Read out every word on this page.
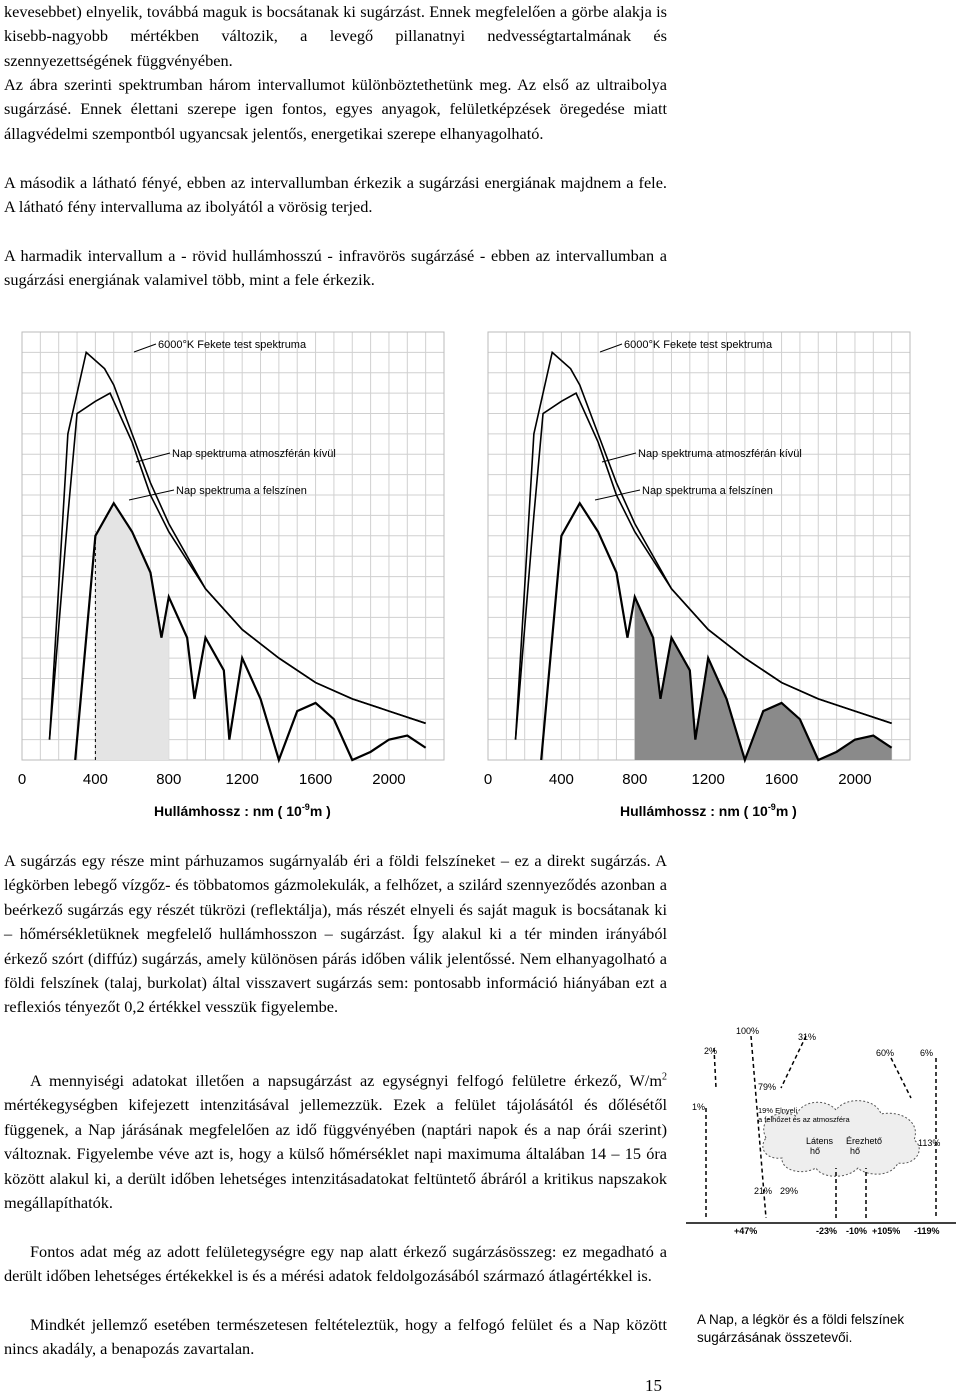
kevesebbet) elnyelik, továbbá maguk is bocsátanak ki sugárzást. Ennek megfelelően a görbe alakja is kisebb-nagyobb mértékben változik, a levegő pillanatnyi nedvességtartalmának és szennyezettségének függvényében.

Az ábra szerinti spektrumban három intervallumot különböztethetünk meg. Az első az ultraibolya sugárzásé. Ennek élettani szerepe igen fontos, egyes anyagok, felületképzések öregedése miatt állagvédelmi szempontból ugyancsak jelentős, energetikai szerepe elhanyagolható.

A második a látható fényé, ebben az intervallumban érkezik a sugárzási energiának majdnem a fele. A látható fény intervalluma az ibolyától a vörösig terjed.

A harmadik intervallum a - rövid hullámhosszú - infravörös sugárzásé - ebben az intervallumban a sugárzási energiának valamivel több, mint a fele érkezik.

6000°K Fekete test spektruma
Nap spektruma atmoszférán kívül
Nap spektruma a felszínen
0	400	800	1200	1600	2000
Hullámhossz : nm ( $10^{-9}m$ )
6000°K Fekete test spektruma
Nap spektruma atmoszférán kívül
Nap spektruma a felszínen
0	400	800	1200	1600	2000
Hullámhossz : nm ( $10^{-9}m$ )

A sugárzás egy része mint párhuzamos sugárnyaláb éri a földi felszíneket – ez a direkt sugárzás. A légkörben lebegő vízgőz- és többatomos gázmolekulák, a felhőzet, a szilárd szennyeződés azonban a beérkező sugárzás egy részét tükrözi (reflektálja), más részét elnyeli és saját maguk is bocsátanak ki – hőmérsékletüknek megfelelő hullámhosszon – sugárzást. Így alakul ki a tér minden irányából érkező szórt (diffúz) sugárzás, amely különösen párás időben válik jelentőssé. Nem elhanyagolható a földi felszínek (talaj, burkolat) által visszavert sugárzás sem: pontosabb információ hiányában ezt a reflexiós tényezőt 0,2 értékkel vesszük figyelembe.

A mennyiségi adatokat illetően a napsugárzást az egységnyi felfogó felületre érkező, $W/m^2$ mértékegységben kifejezett intenzitásával jellemezzük. Ezek a felület tájolásától és dőlésétől függenek, a Nap járásának megfelelően az idő függvényében (naptári napok és a nap órái szerint) változnak. Figyelembe véve azt is, hogy a külső hőmérséklet napi maximuma általában 14 – 15 óra között alakul ki, a derült időben lehetséges intenzitásadatokat feltüntető ábráról a kritikus napszakok megállapíthatók.

Fontos adat még az adott felületegységre egy nap alatt érkező sugárzásösszeg: ez megadható a derült időben lehetséges értékekkel is és a mérési adatok feldolgozásából származó átlagértékkel is.

Mindkét jellemző esetében természetesen feltételeztük, hogy a felfogó felület és a Nap között nincs akadály, a benapozás zavartalan.

100%
31%
2%	60%	6%
79%
1%	19% Elnyeli
a felhőzet és az atmoszféra
Látens
hő
Érezhető
hő
113%
21% 29%
+47%	-23% -10% +105% -119%
A Nap, a légkör és a földi felszínek sugárzásának összetevői.
15
